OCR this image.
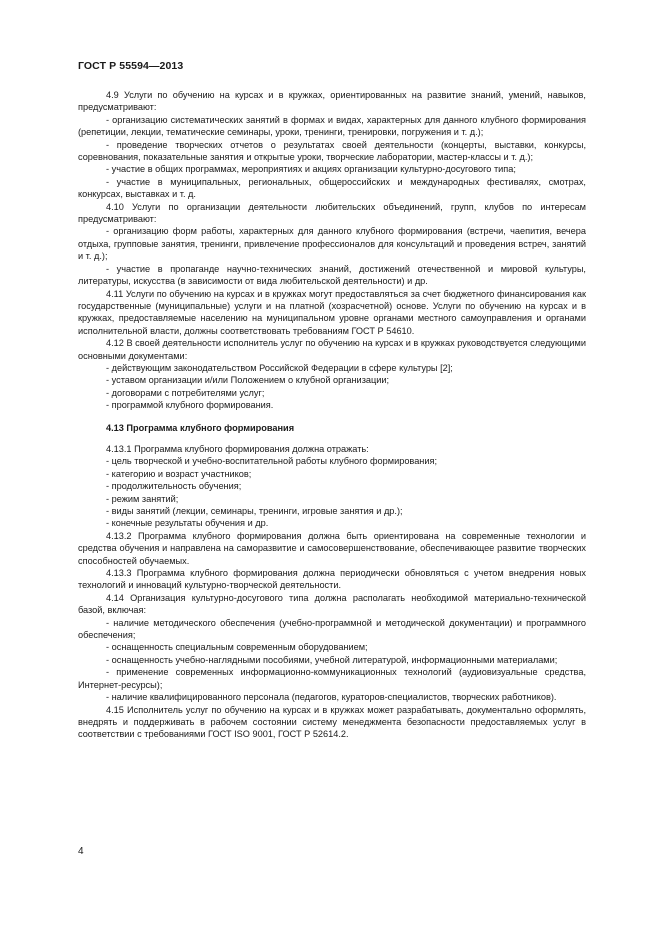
ГОСТ Р 55594—2013

4.9 Услуги по обучению на курсах и в кружках, ориентированных на развитие знаний, умений, навыков, предусматривают:

- организацию систематических занятий в формах и видах, характерных для данного клубного формирования (репетиции, лекции, тематические семинары, уроки, тренинги, тренировки, погружения и т. д.);

- проведение творческих отчетов о результатах своей деятельности (концерты, выставки, конкурсы, соревнования, показательные занятия и открытые уроки, творческие лаборатории, мастер-классы и т. д.);

- участие в общих программах, мероприятиях и акциях организации культурно-досугового типа;

- участие в муниципальных, региональных, общероссийских и международных фестивалях, смотрах, конкурсах, выставках и т. д.

4.10 Услуги по организации деятельности любительских объединений, групп, клубов по интересам предусматривают:

- организацию форм работы, характерных для данного клубного формирования (встречи, чаепития, вечера отдыха, групповые занятия, тренинги, привлечение профессионалов для консультаций и проведения встреч, занятий и т. д.);

- участие в пропаганде научно-технических знаний, достижений отечественной и мировой культуры, литературы, искусства (в зависимости от вида любительской деятельности) и др.

4.11 Услуги по обучению на курсах и в кружках могут предоставляться за счет бюджетного финансирования как государственные (муниципальные) услуги и на платной (хозрасчетной) основе. Услуги по обучению на курсах и в кружках, предоставляемые населению на муниципальном уровне органами местного самоуправления и органами исполнительной власти, должны соответствовать требованиям ГОСТ Р 54610.

4.12 В своей деятельности исполнитель услуг по обучению на курсах и в кружках руководствуется следующими основными документами:

- действующим законодательством Российской Федерации в сфере культуры [2];

- уставом организации и/или Положением о клубной организации;

- договорами с потребителями услуг;

- программой клубного формирования.

4.13 Программа клубного формирования

4.13.1 Программа клубного формирования должна отражать:

- цель творческой и учебно-воспитательной работы клубного формирования;

- категорию и возраст участников;

- продолжительность обучения;

- режим занятий;

- виды занятий (лекции, семинары, тренинги, игровые занятия и др.);

- конечные результаты обучения и др.

4.13.2 Программа клубного формирования должна быть ориентирована на современные технологии и средства обучения и направлена на саморазвитие и самосовершенствование, обеспечивающее развитие творческих способностей обучаемых.

4.13.3 Программа клубного формирования должна периодически обновляться с учетом внедрения новых технологий и инноваций культурно-творческой деятельности.

4.14 Организация культурно-досугового типа должна располагать необходимой материально-технической базой, включая:

- наличие методического обеспечения (учебно-программной и методической документации) и программного обеспечения;

- оснащенность специальным современным оборудованием;

- оснащенность учебно-наглядными пособиями, учебной литературой, информационными материалами;

- применение современных информационно-коммуникационных технологий (аудиовизуальные средства, Интернет-ресурсы);

- наличие квалифицированного персонала (педагогов, кураторов-специалистов, творческих работников).

4.15 Исполнитель услуг по обучению на курсах и в кружках может разрабатывать, документально оформлять, внедрять и поддерживать в рабочем состоянии систему менеджмента безопасности предоставляемых услуг в соответствии с требованиями ГОСТ ISO 9001, ГОСТ Р 52614.2.

4
